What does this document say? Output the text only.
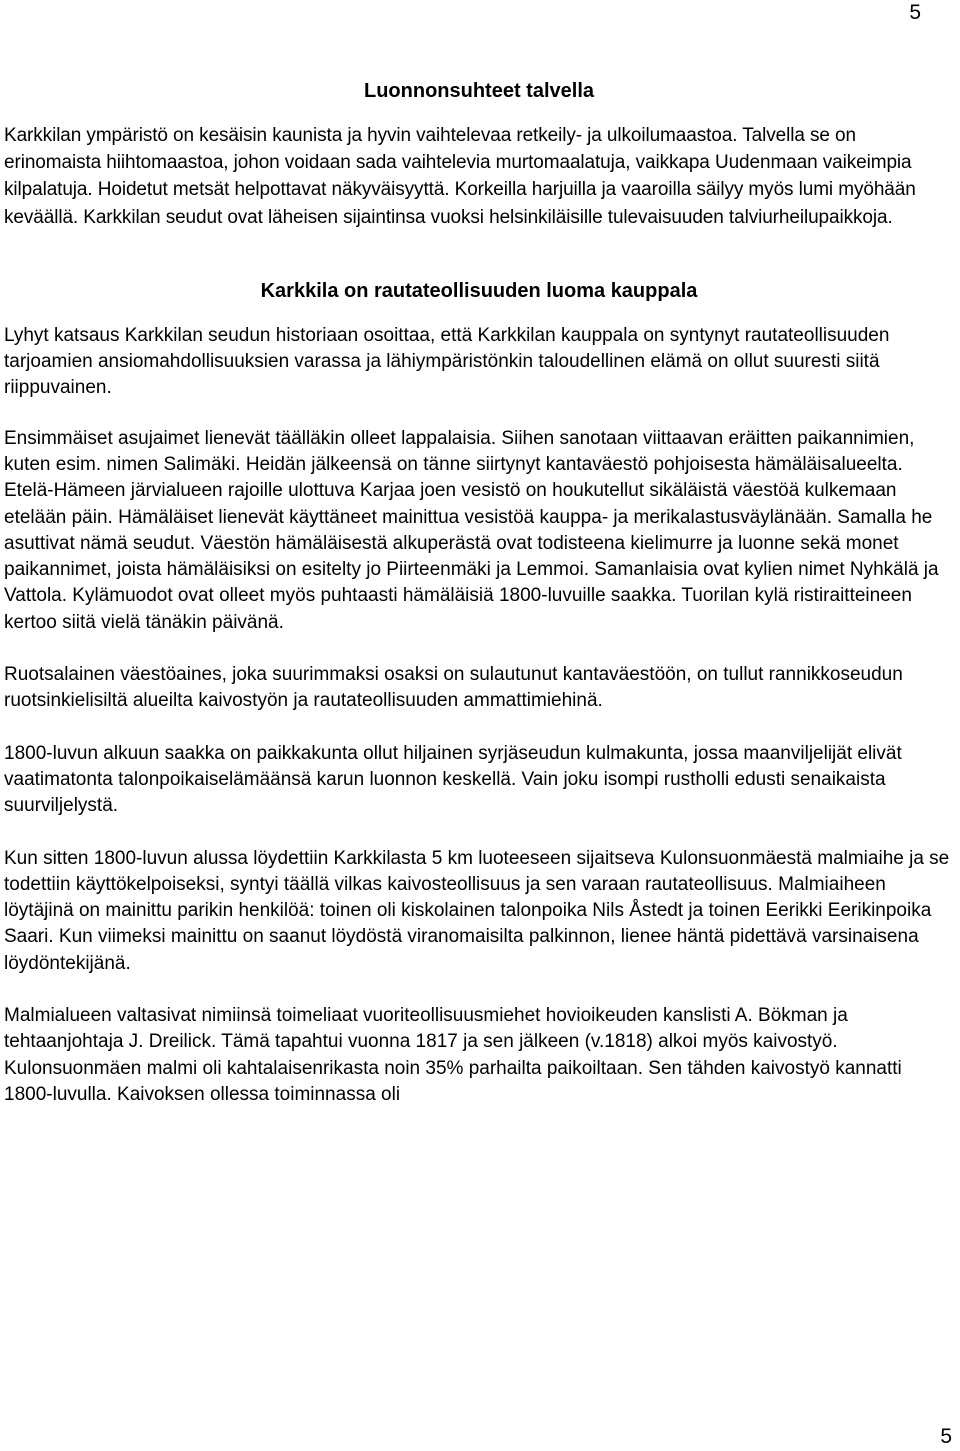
5
Luonnonsuhteet talvella

Karkkilan ympäristö on kesäisin kaunista ja hyvin vaihtelevaa retkeily- ja ulkoilumaastoa. Talvella se on erinomaista hiihtomaastoa, johon voidaan sada vaihtelevia murtomaalatuja, vaikkapa Uudenmaan vaikeimpia kilpalatuja. Hoidetut metsät helpottavat näkyväisyyttä. Korkeilla harjuilla ja vaaroilla säilyy myös lumi myöhään keväällä. Karkkilan seudut ovat läheisen sijaintinsa vuoksi helsinkiläisille tulevaisuuden talviurheilupaikkoja.

Karkkila on rautateollisuuden luoma kauppala

Lyhyt katsaus Karkkilan seudun historiaan osoittaa, että Karkkilan kauppala on syntynyt rautateollisuuden tarjoamien ansiomahdollisuuksien varassa ja lähiympäristönkin taloudellinen elämä on ollut suuresti siitä riippuvainen.

Ensimmäiset asujaimet lienevät täälläkin olleet lappalaisia. Siihen sanotaan viittaavan eräitten paikannimien, kuten esim. nimen Salimäki. Heidän jälkeensä on tänne siirtynyt kantaväestö pohjoisesta hämäläisalueelta. Etelä-Hämeen järvialueen rajoille ulottuva Karjaa joen vesistö on houkutellut sikäläistä väestöä kulkemaan etelään päin. Hämäläiset lienevät käyttäneet mainittua vesistöä kauppa- ja merikalastusväylänään. Samalla he asuttivat nämä seudut. Väestön hämäläisestä alkuperästä ovat todisteena kielimurre ja luonne sekä monet paikannimet, joista hämäläisiksi on esitelty jo Piirteenmäki ja Lemmoi. Samanlaisia ovat kylien nimet Nyhkälä ja Vattola. Kylämuodot ovat olleet myös puhtaasti hämäläisiä 1800-luvuille saakka. Tuorilan kylä ristiraitteineen kertoo siitä vielä tänäkin päivänä.

Ruotsalainen väestöaines, joka suurimmaksi osaksi on sulautunut kantaväestöön, on tullut rannikkoseudun ruotsinkielisiltä alueilta kaivostyön ja rautateollisuuden ammattimiehinä.

1800-luvun alkuun saakka on paikkakunta ollut hiljainen syrjäseudun kulmakunta, jossa maanviljelijät elivät vaatimatonta talonpoikaiselämäänsä karun luonnon keskellä. Vain joku isompi rustholli edusti senaikaista suurviljelystä.

Kun sitten 1800-luvun alussa löydettiin Karkkilasta 5 km luoteeseen sijaitseva Kulonsuonmäestä malmiaihe ja se todettiin käyttökelpoiseksi, syntyi täällä vilkas kaivosteollisuus ja sen varaan rautateollisuus. Malmiaiheen löytäjinä on mainittu parikin henkilöä: toinen oli kiskolainen talonpoika Nils Åstedt ja toinen Eerikki Eerikinpoika Saari. Kun viimeksi mainittu on saanut löydöstä viranomaisilta palkinnon, lienee häntä pidettävä varsinaisena löydöntekijänä.

Malmialueen valtasivat nimiinsä toimeliaat vuoriteollisuusmiehet hovioikeuden kanslisti A. Bökman ja tehtaanjohtaja J. Dreilick. Tämä tapahtui vuonna 1817 ja sen jälkeen (v.1818) alkoi myös kaivostyö. Kulonsuonmäen malmi oli kahtalaisenrikasta noin 35% parhailta paikoiltaan. Sen tähden kaivostyö kannatti 1800-luvulla. Kaivoksen ollessa toiminnassa oli

5
